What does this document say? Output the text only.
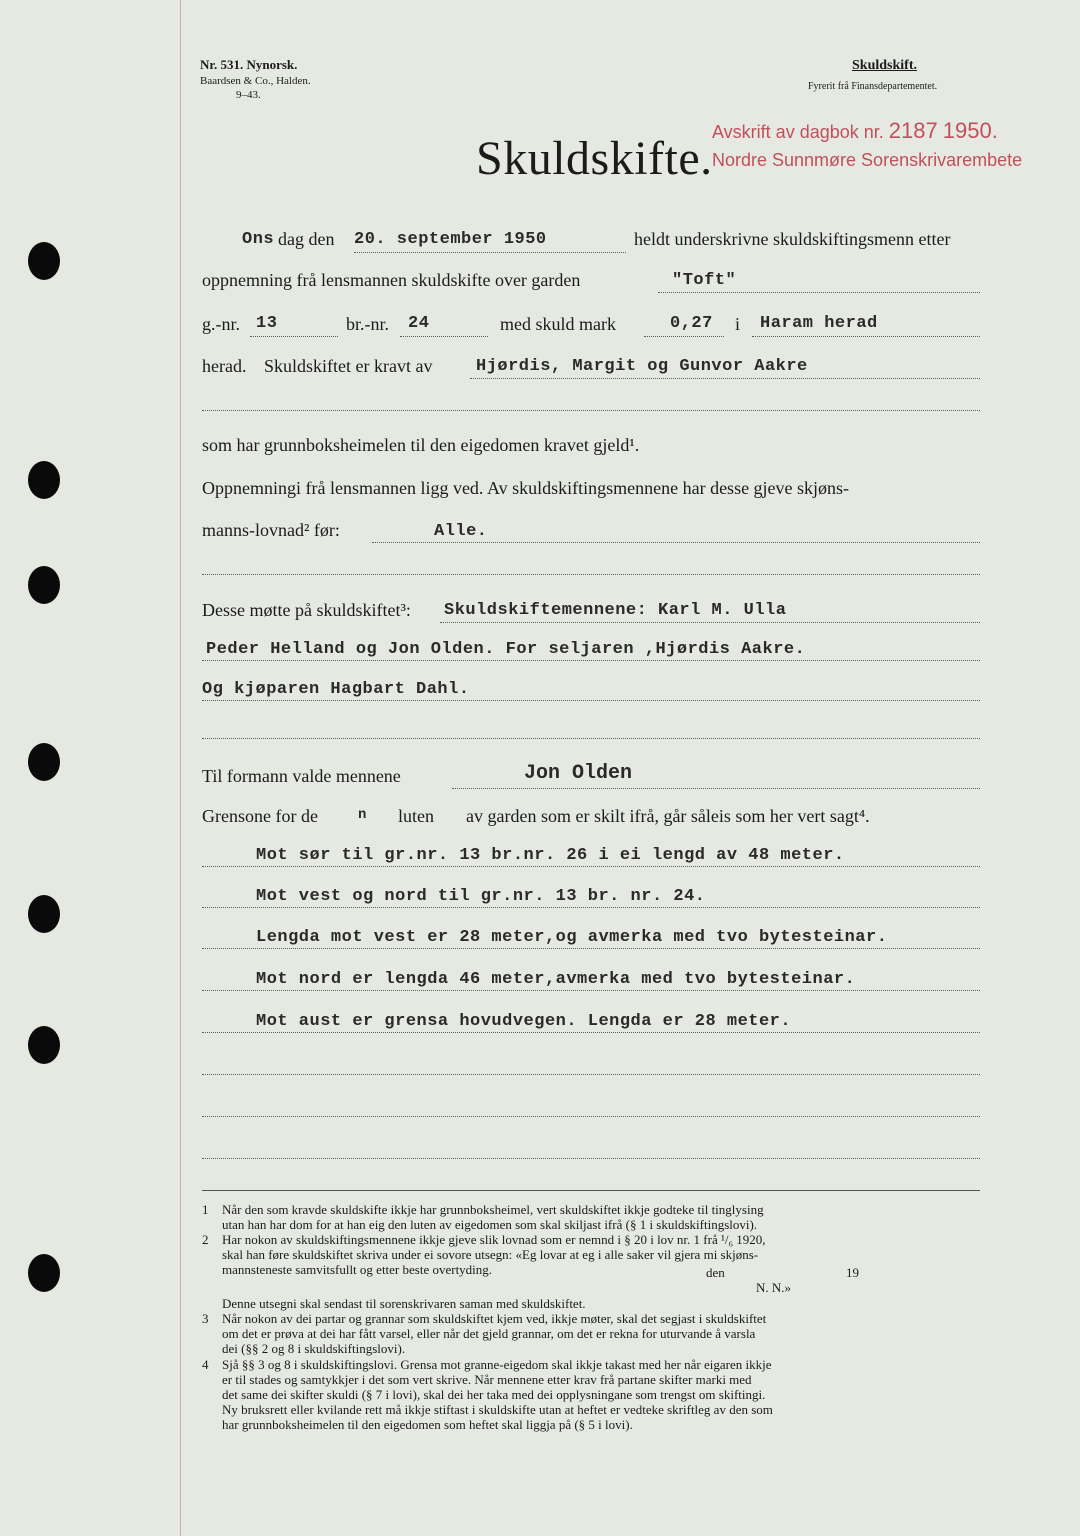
Nr. 531. Nynorsk.
Baardsen & Co., Halden.
9–43.
Skuldskift.
Fyrerit frå Finansdepartementet.
Skuldskifte. Avskrift av dagbok nr. 2187 1950.
Nordre Sunnmøre Sorenskrivarembete
Ons dag den 20. september 1950	heldt underskrivne skuldskiftingsmenn etter
oppnemning frå lensmannen skuldskifte over garden	"Toft"
g.-nr. 13	br.-nr. 24	med skuld mark	0,27 i Haram herad
herad. Skuldskiftet er kravt av	Hjørdis, Margit og Gunvor Aakre
som har grunnboksheimelen til den eigedomen kravet gjeld¹.
Oppnemningi frå lensmannen ligg ved. Av skuldskiftingsmennene har desse gjeve skjøns-
manns-lovnad² før:	Alle.
Desse møtte på skuldskiftet³: Skuldskiftemennene: Karl M. Ulla
Peder Helland og Jon Olden. For seljaren ,Hjørdis Aakre.
Og kjøparen Hagbart Dahl.
Til formann valde mennene	Jon Olden
Grensone for de	n luten av garden som er skilt ifrå, går såleis som her vert sagt⁴.
Mot sør til gr.nr. 13 br.nr. 26 i ei lengd av 48 meter.
Mot vest og nord til gr.nr. 13 br. nr. 24.
Lengda mot vest er 28 meter,og avmerka med tvo bytesteinar.
Mot nord er lengda 46 meter,avmerka med tvo bytesteinar.
Mot aust er grensa hovudvegen. Lengda er 28 meter.
1 Når den som kravde skuldskifte ikkje har grunnboksheimel, vert skuldskiftet ikkje godteke til tinglysing
utan han har dom for at han eig den luten av eigedomen som skal skiljast ifrå (§ 1 i skuldskiftingslovi).
2 Har nokon av skuldskiftingsmennene ikkje gjeve slik lovnad som er nemnd i § 20 i lov nr. 1 frå ¹/₆ 1920,
skal han føre skuldskiftet skriva under ei sovore utsegn: «Eg lovar at eg i alle saker vil gjera mi skjøns-
mannsteneste samvitsfullt og etter beste overtyding.	den	19
N. N.»
Denne utsegni skal sendast til sorenskrivaren saman med skuldskiftet.
3 Når nokon av dei partar og grannar som skuldskiftet kjem ved, ikkje møter, skal det segjast i skuldskiftet
om det er prøva at dei har fått varsel, eller når det gjeld grannar, om det er rekna for uturvande å varsla
dei (§§ 2 og 8 i skuldskiftingslovi).
4 Sjå §§ 3 og 8 i skuldskiftingslovi. Grensa mot granne-eigedom skal ikkje takast med her når eigaren ikkje
er til stades og samtykkjer i det som vert skrive. Når mennene etter krav frå partane skifter marki med
det same dei skifter skuldi (§ 7 i lovi), skal dei her taka med dei opplysningane som trengst om skiftingi.
Ny bruksrett eller kvilande rett må ikkje stiftast i skuldskifte utan at heftet er vedteke skriftleg av den som
har grunnboksheimelen til den eigedomen som heftet skal liggja på (§ 5 i lovi).
